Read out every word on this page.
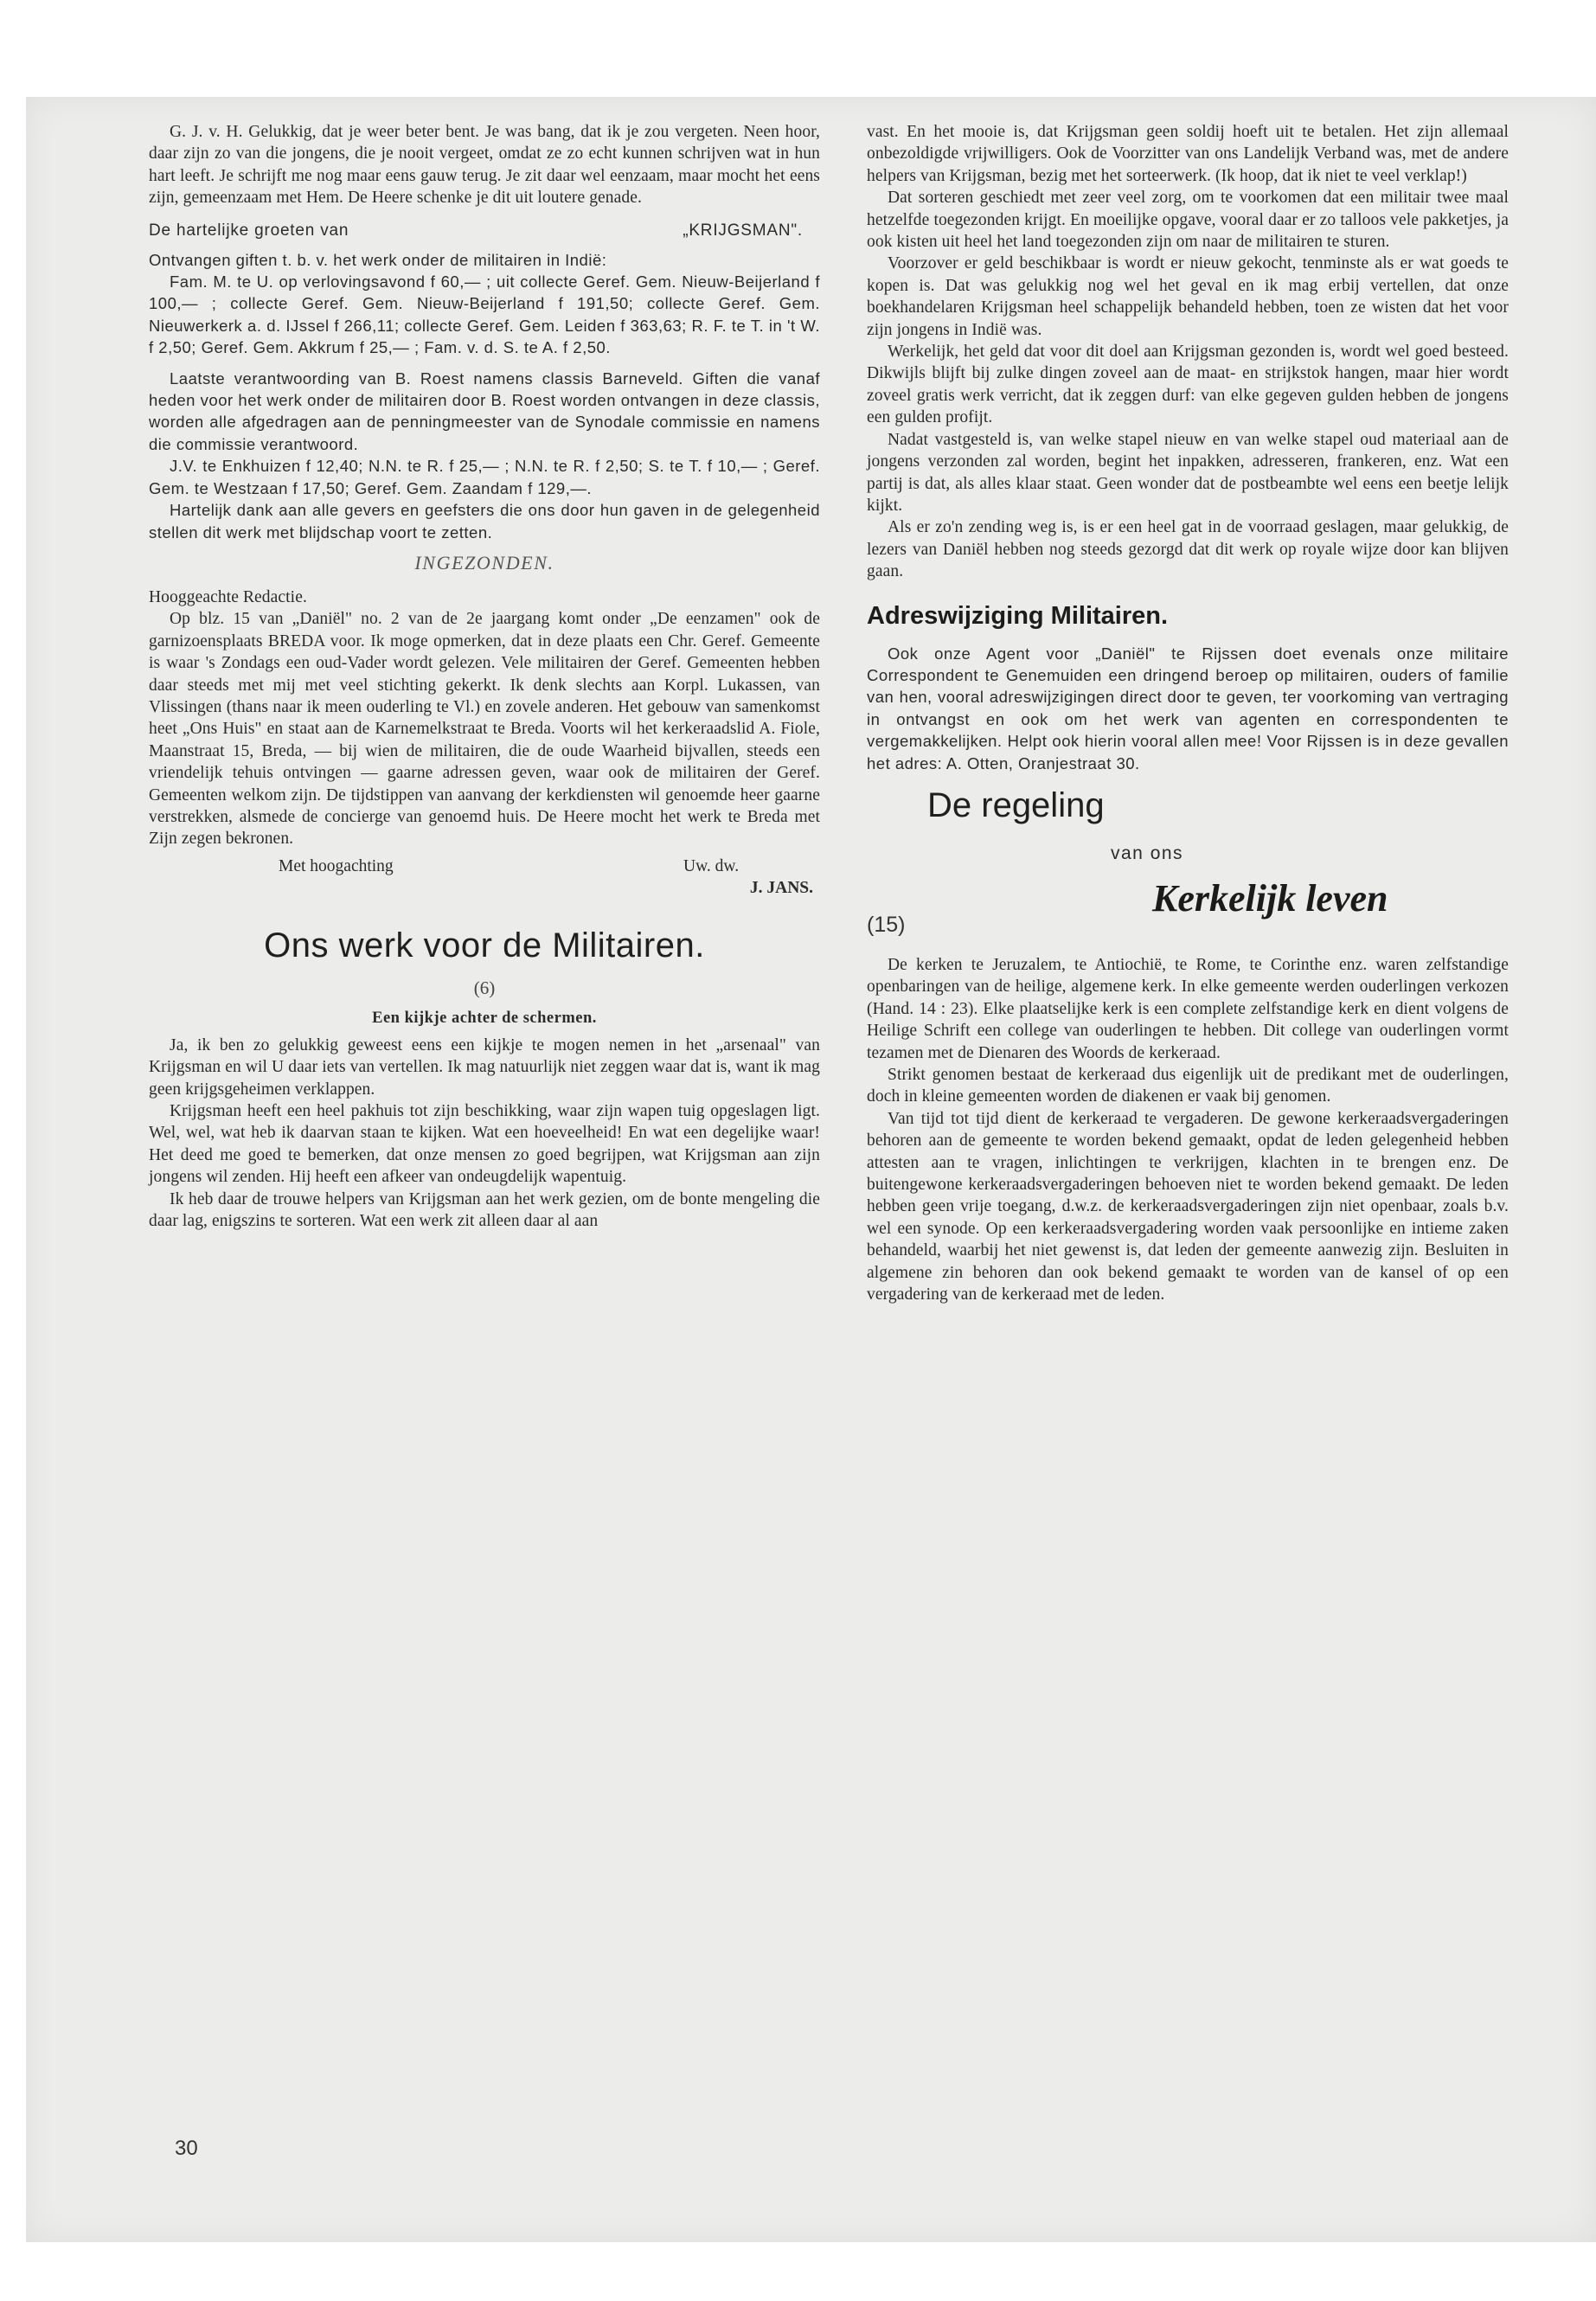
G. J. v. H. Gelukkig, dat je weer beter bent. Je was bang, dat ik je zou vergeten. Neen hoor, daar zijn zo van die jongens, die je nooit vergeet, omdat ze zo echt kunnen schrijven wat in hun hart leeft. Je schrijft me nog maar eens gauw terug. Je zit daar wel eenzaam, maar mocht het eens zijn, gemeenzaam met Hem. De Heere schenke je dit uit loutere genade.

De hartelijke groeten van	„KRIJGSMAN".

Ontvangen giften t. b. v. het werk onder de militairen in Indië:

Fam. M. te U. op verlovingsavond f 60,— ; uit collecte Geref. Gem. Nieuw-Beijerland f 100,— ; collecte Geref. Gem. Nieuw-Beijerland f 191,50; collecte Geref. Gem. Nieuwerkerk a. d. IJssel f 266,11; collecte Geref. Gem. Leiden f 363,63; R. F. te T. in 't W. f 2,50; Geref. Gem. Akkrum f 25,— ; Fam. v. d. S. te A. f 2,50.

Laatste verantwoording van B. Roest namens classis Barneveld. Giften die vanaf heden voor het werk onder de militairen door B. Roest worden ontvangen in deze classis, worden alle afgedragen aan de penningmeester van de Synodale commissie en namens die commissie verantwoord.

J.V. te Enkhuizen f 12,40; N.N. te R. f 25,— ; N.N. te R. f 2,50; S. te T. f 10,— ; Geref. Gem. te Westzaan f 17,50; Geref. Gem. Zaandam f 129,—.

Hartelijk dank aan alle gevers en geefsters die ons door hun gaven in de gelegenheid stellen dit werk met blijdschap voort te zetten.

INGEZONDEN.

Hooggeachte Redactie.

Op blz. 15 van „Daniël" no. 2 van de 2e jaargang komt onder „De eenzamen" ook de garnizoensplaats BREDA voor. Ik moge opmerken, dat in deze plaats een Chr. Geref. Gemeente is waar 's Zondags een oud-Vader wordt gelezen. Vele militairen der Geref. Gemeenten hebben daar steeds met mij met veel stichting gekerkt. Ik denk slechts aan Korpl. Lukassen, van Vlissingen (thans naar ik meen ouderling te Vl.) en zovele anderen. Het gebouw van samenkomst heet „Ons Huis" en staat aan de Karnemelkstraat te Breda. Voorts wil het kerkeraadslid A. Fiole, Maanstraat 15, Breda, — bij wien de militairen, die de oude Waarheid bijvallen, steeds een vriendelijk tehuis ontvingen — gaarne adressen geven, waar ook de militairen der Geref. Gemeenten welkom zijn. De tijdstippen van aanvang der kerkdiensten wil genoemde heer gaarne verstrekken, alsmede de concierge van genoemd huis. De Heere mocht het werk te Breda met Zijn zegen bekronen.

Met hoogachting	Uw. dw.
J. JANS.
Ons werk voor de Militairen.
(6)
Een kijkje achter de schermen.

Ja, ik ben zo gelukkig geweest eens een kijkje te mogen nemen in het „arsenaal" van Krijgsman en wil U daar iets van vertellen. Ik mag natuurlijk niet zeggen waar dat is, want ik mag geen krijgsgeheimen verklappen.

Krijgsman heeft een heel pakhuis tot zijn beschikking, waar zijn wapen tuig opgeslagen ligt. Wel, wel, wat heb ik daarvan staan te kijken. Wat een hoeveelheid! En wat een degelijke waar! Het deed me goed te bemerken, dat onze mensen zo goed begrijpen, wat Krijgsman aan zijn jongens wil zenden. Hij heeft een afkeer van ondeugdelijk wapentuig.

Ik heb daar de trouwe helpers van Krijgsman aan het werk gezien, om de bonte mengeling die daar lag, enigszins te sorteren. Wat een werk zit alleen daar al aan

vast. En het mooie is, dat Krijgsman geen soldij hoeft uit te betalen. Het zijn allemaal onbezoldigde vrijwilligers. Ook de Voorzitter van ons Landelijk Verband was, met de andere helpers van Krijgsman, bezig met het sorteerwerk. (Ik hoop, dat ik niet te veel verklap!)

Dat sorteren geschiedt met zeer veel zorg, om te voorkomen dat een militair twee maal hetzelfde toegezonden krijgt. En moeilijke opgave, vooral daar er zo talloos vele pakketjes, ja ook kisten uit heel het land toegezonden zijn om naar de militairen te sturen.

Voorzover er geld beschikbaar is wordt er nieuw gekocht, tenminste als er wat goeds te kopen is. Dat was gelukkig nog wel het geval en ik mag erbij vertellen, dat onze boekhandelaren Krijgsman heel schappelijk behandeld hebben, toen ze wisten dat het voor zijn jongens in Indië was.

Werkelijk, het geld dat voor dit doel aan Krijgsman gezonden is, wordt wel goed besteed. Dikwijls blijft bij zulke dingen zoveel aan de maat- en strijkstok hangen, maar hier wordt zoveel gratis werk verricht, dat ik zeggen durf: van elke gegeven gulden hebben de jongens een gulden profijt.

Nadat vastgesteld is, van welke stapel nieuw en van welke stapel oud materiaal aan de jongens verzonden zal worden, begint het inpakken, adresseren, frankeren, enz. Wat een partij is dat, als alles klaar staat. Geen wonder dat de postbeambte wel eens een beetje lelijk kijkt.

Als er zo'n zending weg is, is er een heel gat in de voorraad geslagen, maar gelukkig, de lezers van Daniël hebben nog steeds gezorgd dat dit werk op royale wijze door kan blijven gaan.

Adreswijziging Militairen.

Ook onze Agent voor „Daniël" te Rijssen doet evenals onze militaire Correspondent te Genemuiden een dringend beroep op militairen, ouders of familie van hen, vooral adreswijzigingen direct door te geven, ter voorkoming van vertraging in ontvangst en ook om het werk van agenten en correspondenten te vergemakkelijken. Helpt ook hierin vooral allen mee! Voor Rijssen is in deze gevallen het adres: A. Otten, Oranjestraat 30.

De regeling
van ons
Kerkelijk leven
(15)

De kerken te Jeruzalem, te Antiochië, te Rome, te Corinthe enz. waren zelfstandige openbaringen van de heilige, algemene kerk. In elke gemeente werden ouderlingen verkozen (Hand. 14 : 23). Elke plaatselijke kerk is een complete zelfstandige kerk en dient volgens de Heilige Schrift een college van ouderlingen te hebben. Dit college van ouderlingen vormt tezamen met de Dienaren des Woords de kerkeraad.

Strikt genomen bestaat de kerkeraad dus eigenlijk uit de predikant met de ouderlingen, doch in kleine gemeenten worden de diakenen er vaak bij genomen.

Van tijd tot tijd dient de kerkeraad te vergaderen. De gewone kerkeraadsvergaderingen behoren aan de gemeente te worden bekend gemaakt, opdat de leden gelegenheid hebben attesten aan te vragen, inlichtingen te verkrijgen, klachten in te brengen enz. De buitengewone kerkeraadsvergaderingen behoeven niet te worden bekend gemaakt. De leden hebben geen vrije toegang, d.w.z. de kerkeraadsvergaderingen zijn niet openbaar, zoals b.v. wel een synode. Op een kerkeraadsvergadering worden vaak persoonlijke en intieme zaken behandeld, waarbij het niet gewenst is, dat leden der gemeente aanwezig zijn. Besluiten in algemene zin behoren dan ook bekend gemaakt te worden van de kansel of op een vergadering van de kerkeraad met de leden.

30
